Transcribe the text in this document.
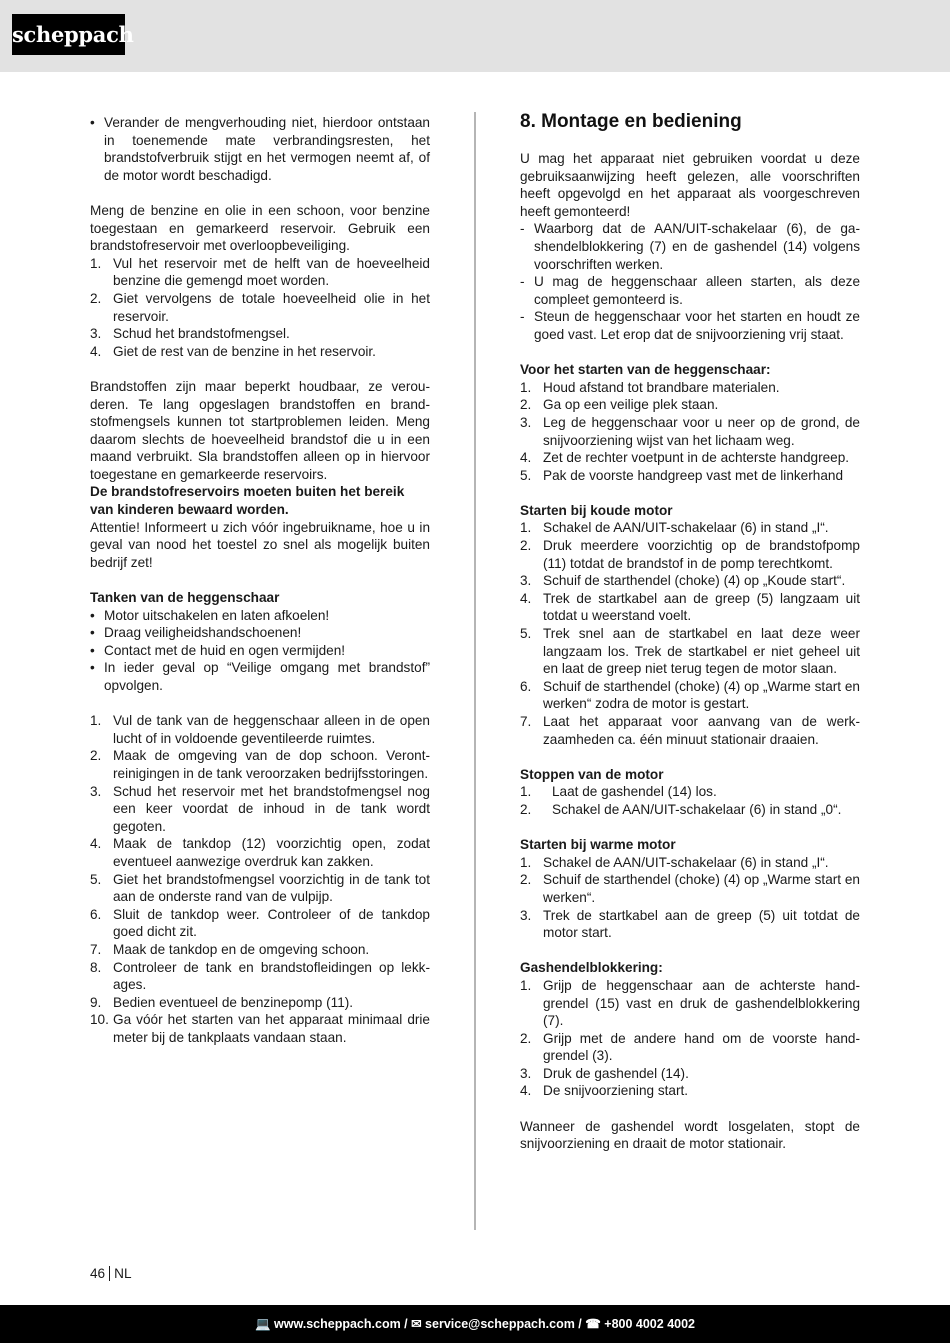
scheppach
• Verander de mengverhouding niet, hierdoor ontstaan in toenemende mate verbrandingsresten, het brandstofverbruik stijgt en het vermogen neemt af, of de motor wordt beschadigd.

Meng de benzine en olie in een schoon, voor benzine toegestaan en gemarkeerd reservoir. Gebruik een brandstofreservoir met overloopbeveiliging.

1. Vul het reservoir met de helft van de hoeveelheid benzine die gemengd moet worden.
2. Giet vervolgens de totale hoeveelheid olie in het reservoir.
3. Schud het brandstofmengsel.
4. Giet de rest van de benzine in het reservoir.

Brandstoffen zijn maar beperkt houdbaar, ze verouderen. Te lang opgeslagen brandstoffen en brandstofmengsels kunnen tot startproblemen leiden. Meng daarom slechts de hoeveelheid brandstof die u in een maand verbruikt. Sla brandstoffen alleen op in hiervoor toegestane en gemarkeerde reservoirs.

De brandstofreservoirs moeten buiten het bereik van kinderen bewaard worden.

Attentie! Informeert u zich vóór ingebruikname, hoe u in geval van nood het toestel zo snel als mogelijk buiten bedrijf zet!

Tanken van de heggenschaar
• Motor uitschakelen en laten afkoelen!
• Draag veiligheidshandschoenen!
• Contact met de huid en ogen vermijden!
• In ieder geval op “Veilige omgang met brandstof” opvolgen.
1. Vul de tank van de heggenschaar alleen in de open lucht of in voldoende geventileerde ruimtes.
2. Maak de omgeving van de dop schoon. Verontreinigingen in de tank veroorzaken bedrijfsstoringen.
3. Schud het reservoir met het brandstofmengsel nog een keer voordat de inhoud in de tank wordt gegoten.
4. Maak de tankdop (12) voorzichtig open, zodat eventueel aanwezige overdruk kan zakken.
5. Giet het brandstofmengsel voorzichtig in de tank tot aan de onderste rand van de vulpijp.
6. Sluit de tankdop weer. Controleer of de tankdop goed dicht zit.
7. Maak de tankdop en de omgeving schoon.
8. Controleer de tank en brandstofleidingen op lekkages.
9. Bedien eventueel de benzinepomp (11).
10. Ga vóór het starten van het apparaat minimaal drie meter bij de tankplaats vandaan staan.
8. Montage en bediening

U mag het apparaat niet gebruiken voordat u deze gebruiksaanwijzing heeft gelezen, alle voorschriften heeft opgevolgd en het apparaat als voorgeschreven heeft gemonteerd!

- Waarborg dat de AAN/UIT-schakelaar (6), de gashendelblokkering (7) en de gashendel (14) volgens voorschriften werken.
- U mag de heggenschaar alleen starten, als deze compleet gemonteerd is.
- Steun de heggenschaar voor het starten en houdt ze goed vast. Let erop dat de snijvoorziening vrij staat.
Voor het starten van de heggenschaar:
1. Houd afstand tot brandbare materialen.
2. Ga op een veilige plek staan.
3. Leg de heggenschaar voor u neer op de grond, de snijvoorziening wijst van het lichaam weg.
4. Zet de rechter voetpunt in de achterste handgreep.
5. Pak de voorste handgreep vast met de linkerhand
Starten bij koude motor
1. Schakel de AAN/UIT-schakelaar (6) in stand „I“.
2. Druk meerdere voorzichtig op de brandstofpomp (11) totdat de brandstof in de pomp terechtkomt.
3. Schuif de starthendel (choke) (4) op „Koude start“.
4. Trek de startkabel aan de greep (5) langzaam uit totdat u weerstand voelt.
5. Trek snel aan de startkabel en laat deze weer langzaam los. Trek de startkabel er niet geheel uit en laat de greep niet terug tegen de motor slaan.
6. Schuif de starthendel (choke) (4) op „Warme start en werken“ zodra de motor is gestart.
7. Laat het apparaat voor aanvang van de werkzaamheden ca. één minuut stationair draaien.
Stoppen van de motor
1.	Laat de gashendel (14) los.
2.	Schakel de AAN/UIT-schakelaar (6) in stand „0“.
Starten bij warme motor
1. Schakel de AAN/UIT-schakelaar (6) in stand „I“.
2. Schuif de starthendel (choke) (4) op „Warme start en werken“.
3. Trek de startkabel aan de greep (5) uit totdat de motor start.
Gashendelblokkering:
1. Grijp de heggenschaar aan de achterste handgrendel (15) vast en druk de gashendelblokkering (7).
2. Grijp met de andere hand om de voorste handgrendel (3).
3. Druk de gashendel (14).
4. De snijvoorziening start.

Wanneer de gashendel wordt losgelaten, stopt de snijvoorziening en draait de motor stationair.

46 NL
💻 www.scheppach.com / ✉ service@scheppach.com / ☎ +800 4002 4002
